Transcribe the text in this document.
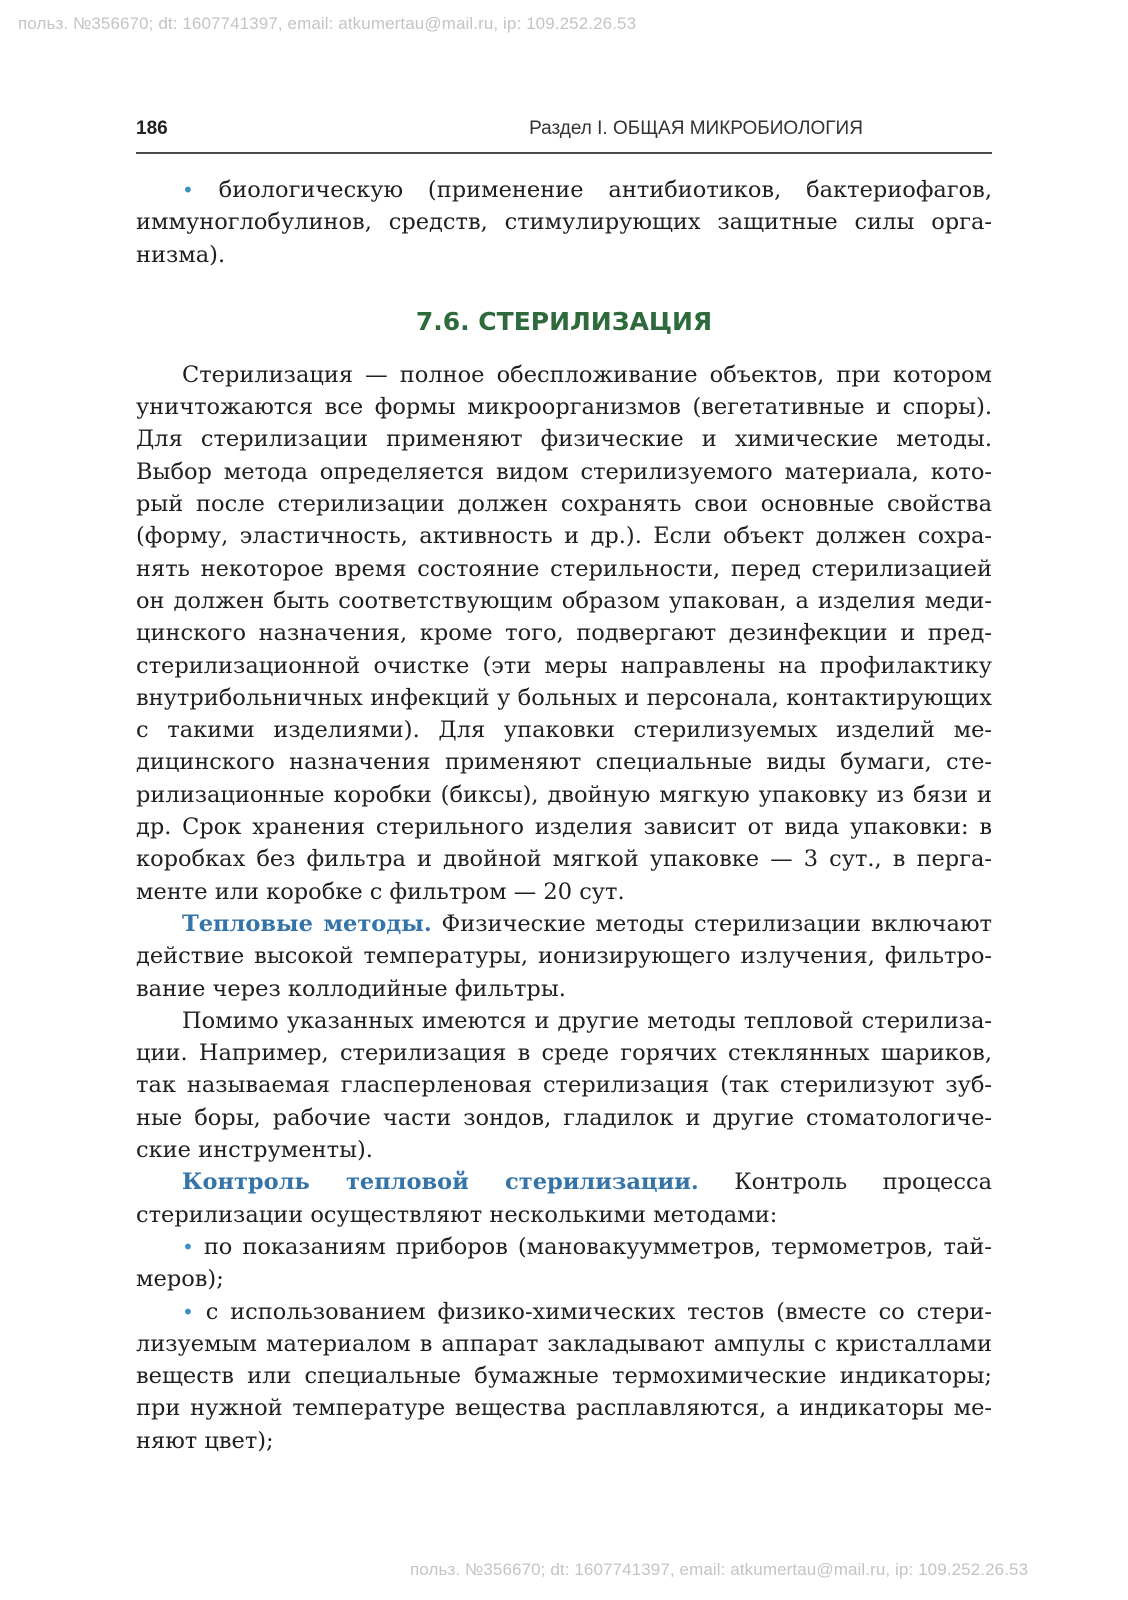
польз. №356670; dt: 1607741397, email: atkumertau@mail.ru, ip: 109.252.26.53
186	Раздел I. ОБЩАЯ МИКРОБИОЛОГИЯ

• биологическую (применение антибиотиков, бактериофагов, иммуноглобулинов, средств, стимулирующих защитные силы организма).

7.6. СТЕРИЛИЗАЦИЯ

Стерилизация — полное обеспложивание объектов, при котором уничтожаются все формы микроорганизмов (вегетативные и споры). Для стерилизации применяют физические и химические методы. Выбор метода определяется видом стерилизуемого материала, который после стерилизации должен сохранять свои основные свойства (форму, эластичность, активность и др.). Если объект должен сохранять некоторое время состояние стерильности, перед стерилизацией он должен быть соответствующим образом упакован, а изделия медицинского назначения, кроме того, подвергают дезинфекции и предстерилизационной очистке (эти меры направлены на профилактику внутрибольничных инфекций у больных и персонала, контактирующих с такими изделиями). Для упаковки стерилизуемых изделий медицинского назначения применяют специальные виды бумаги, стерилизационные коробки (биксы), двойную мягкую упаковку из бязи и др. Срок хранения стерильного изделия зависит от вида упаковки: в коробках без фильтра и двойной мягкой упаковке — 3 сут., в пергаменте или коробке с фильтром — 20 сут.

Тепловые методы. Физические методы стерилизации включают действие высокой температуры, ионизирующего излучения, фильтрование через коллодийные фильтры.

Помимо указанных имеются и другие методы тепловой стерилизации. Например, стерилизация в среде горячих стеклянных шариков, так называемая гласперленовая стерилизация (так стерилизуют зубные боры, рабочие части зондов, гладилок и другие стоматологические инструменты).

Контроль тепловой стерилизации. Контроль процесса стерилизации осуществляют несколькими методами:

• по показаниям приборов (мановакуумметров, термометров, таймеров);

• с использованием физико-химических тестов (вместе со стерилизуемым материалом в аппарат закладывают ампулы с кристаллами веществ или специальные бумажные термохимические индикаторы; при нужной температуре вещества расплавляются, а индикаторы меняют цвет);

польз. №356670; dt: 1607741397, email: atkumertau@mail.ru, ip: 109.252.26.53
